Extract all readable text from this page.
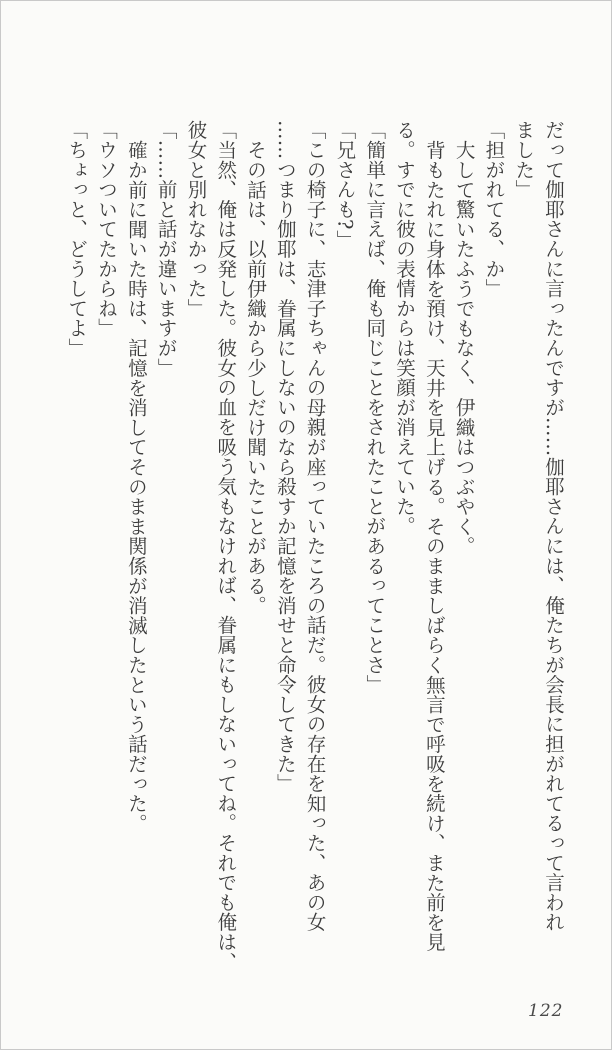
だって伽耶さんに言ったんですが……伽耶さんには、俺たちが会長に担がれてるって言われ
ました」
「担がれてる、か」
大して驚いたふうでもなく、伊織はつぶやく。
背もたれに身体を預け、天井を見上げる。そのまましばらく無言で呼吸を続け、また前を見
る。すでに彼の表情からは笑顔が消えていた。
「簡単に言えば、俺も同じことをされたことがあるってことさ」
「兄さんも?」
「この椅子に、志津子ちゃんの母親が座っていたころの話だ。彼女の存在を知った、あの女
……つまり伽耶は、眷属にしないのなら殺すか記憶を消せと命令してきた」
その話は、以前伊織から少しだけ聞いたことがある。
「当然、俺は反発した。彼女の血を吸う気もなければ、眷属にもしないってね。それでも俺は、
彼女と別れなかった」
「……前と話が違いますが」
確か前に聞いた時は、記憶を消してそのまま関係が消滅したという話だった。
「ウソついてたからね」
「ちょっと、どうしてよ」
122
